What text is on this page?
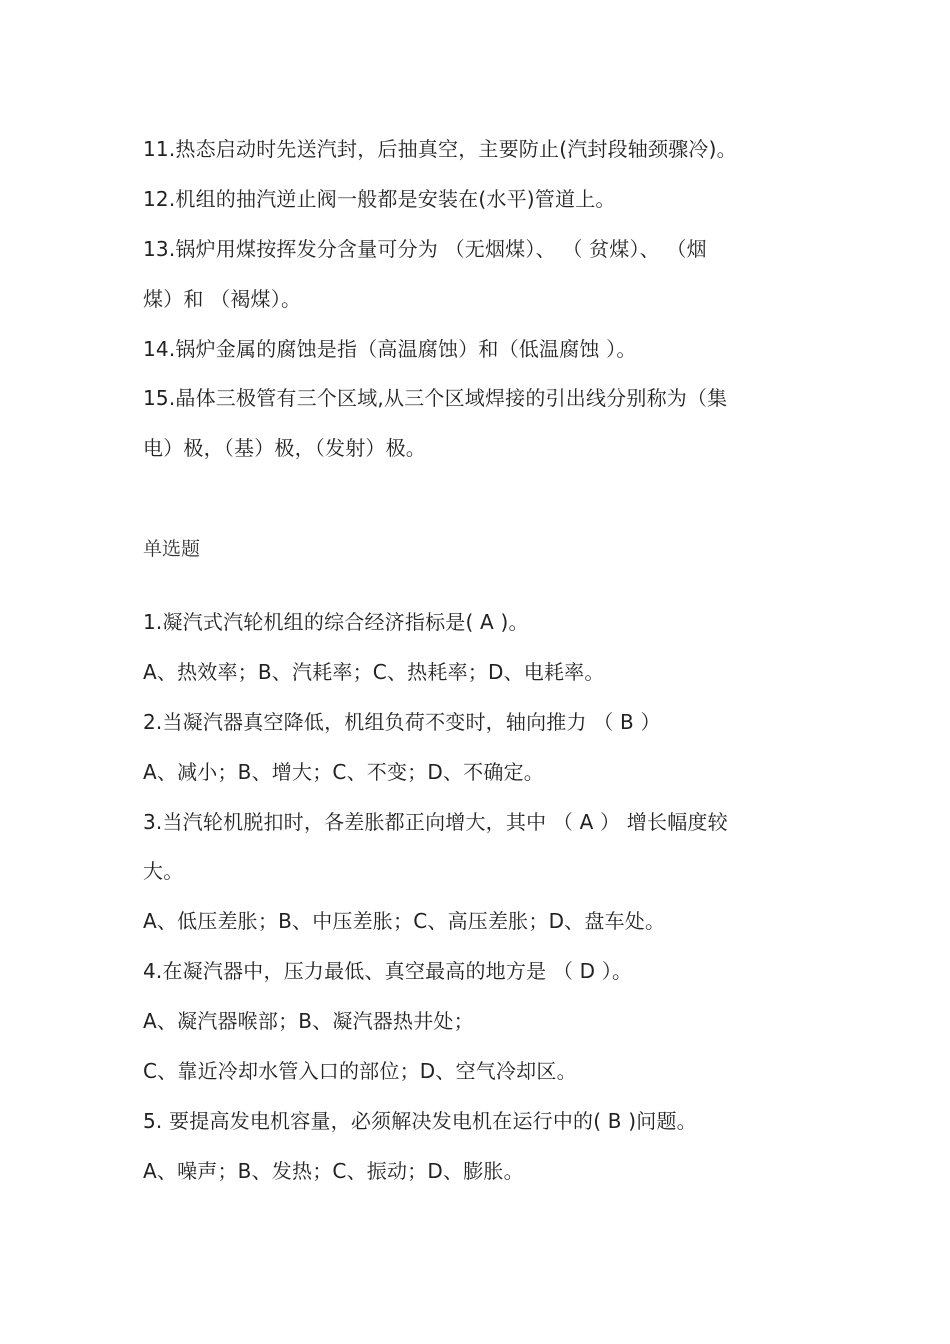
11.热态启动时先送汽封，后抽真空，主要防止(汽封段轴颈骤冷)。
12.机组的抽汽逆止阀一般都是安装在(水平)管道上。
13.锅炉用煤按挥发分含量可分为 （无烟煤）、 （ 贫煤）、 （烟
煤）和 （褐煤）。
14.锅炉金属的腐蚀是指（高温腐蚀）和（低温腐蚀 ）。
15.晶体三极管有三个区域,从三个区域焊接的引出线分别称为（集
电）极，（基）极，（发射）极。
单选题
1.凝汽式汽轮机组的综合经济指标是( A )。
A、热效率；B、汽耗率；C、热耗率；D、电耗率。
2.当凝汽器真空降低，机组负荷不变时，轴向推力 （ B ）
A、减小；B、增大；C、不变；D、不确定。
3.当汽轮机脱扣时，各差胀都正向增大，其中 （ A ） 增长幅度较
大。
A、低压差胀；B、中压差胀；C、高压差胀；D、盘车处。
4.在凝汽器中，压力最低、真空最高的地方是 （ D ）。
A、凝汽器喉部；B、凝汽器热井处；
C、靠近冷却水管入口的部位；D、空气冷却区。
5. 要提高发电机容量，必须解决发电机在运行中的( B )问题。
A、噪声；B、发热；C、振动；D、膨胀。
